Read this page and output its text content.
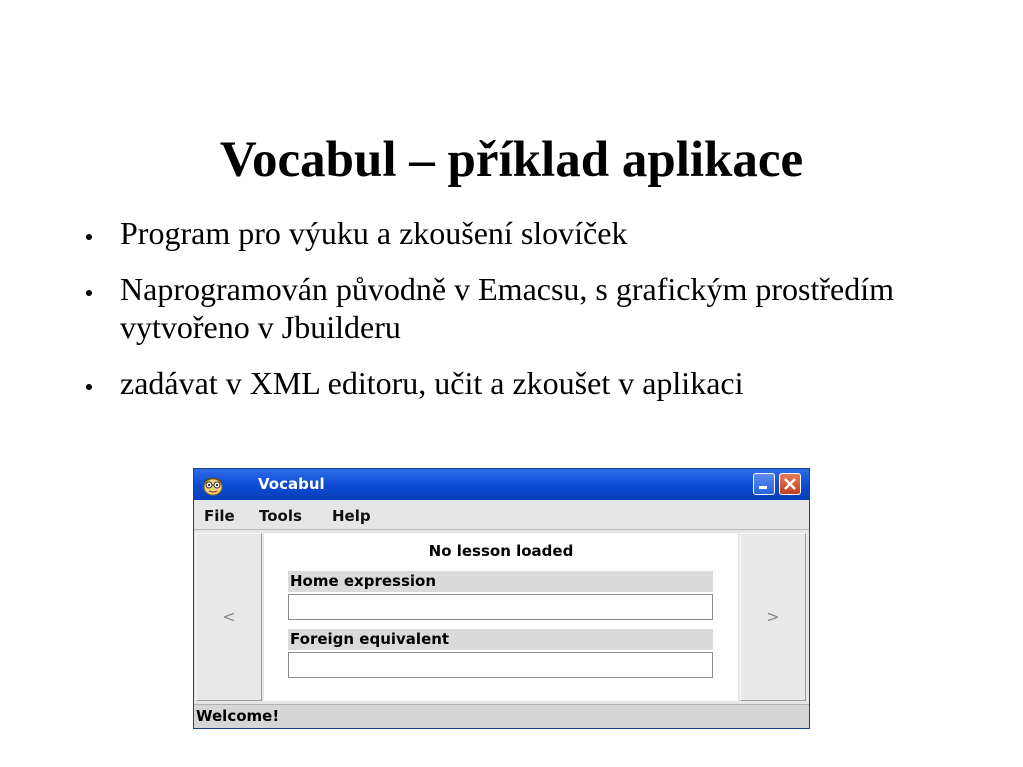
Vocabul – příklad aplikace
Program pro výuku a zkoušení slovíček
Naprogramován původně v Emacsu, s grafickým prostředím vytvořeno v Jbuilderu
zadávat v XML editoru, učit a zkoušet v aplikaci
Vocabul
File Tools Help
<
No lesson loaded
Home expression
Foreign equivalent
>
Welcome!
